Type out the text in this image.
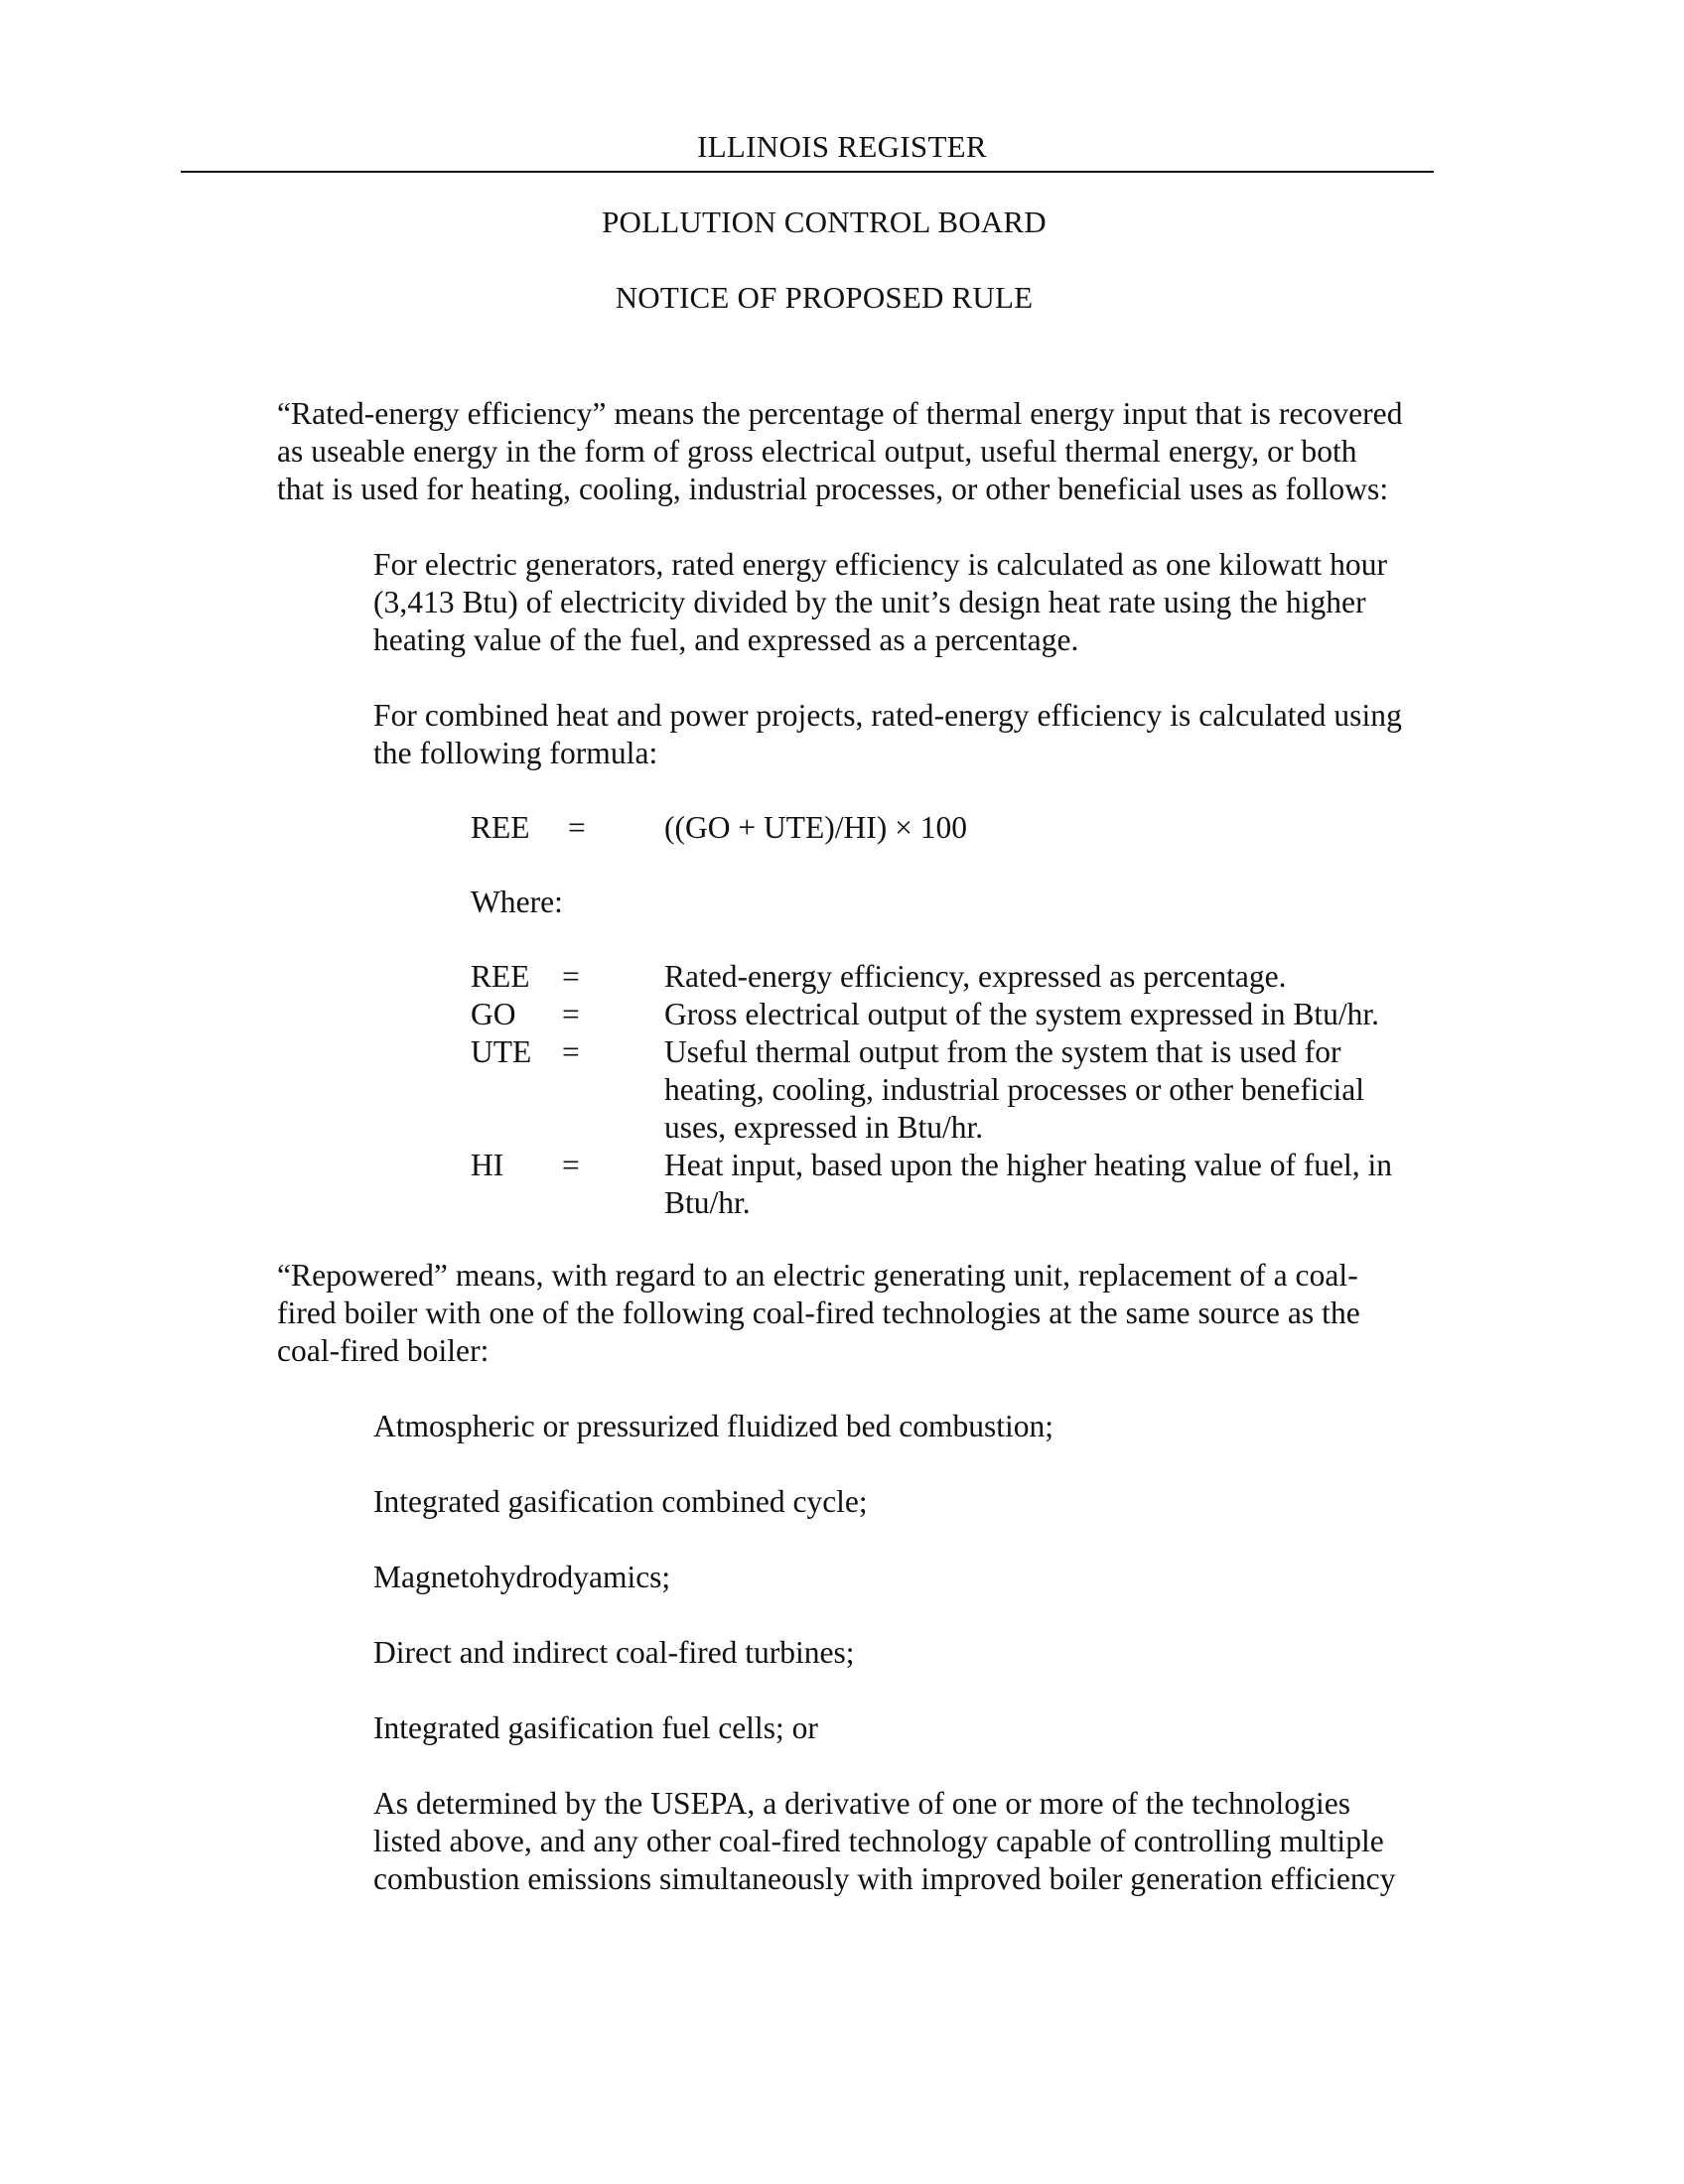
ILLINOIS REGISTER
POLLUTION CONTROL BOARD
NOTICE OF PROPOSED RULE
“Rated-energy efficiency” means the percentage of thermal energy input that is recovered
as useable energy in the form of gross electrical output, useful thermal energy, or both
that is used for heating, cooling, industrial processes, or other beneficial uses as follows:
For electric generators, rated energy efficiency is calculated as one kilowatt hour
(3,413 Btu) of electricity divided by the unit’s design heat rate using the higher
heating value of the fuel, and expressed as a percentage.
For combined heat and power projects, rated-energy efficiency is calculated using
the following formula:
REE =	((GO + UTE)/HI) × 100
Where:
REE =	Rated-energy efficiency, expressed as percentage.
GO =	Gross electrical output of the system expressed in Btu/hr.
UTE =	Useful thermal output from the system that is used for
heating, cooling, industrial processes or other beneficial
uses, expressed in Btu/hr.
HI =	Heat input, based upon the higher heating value of fuel, in
Btu/hr.
“Repowered” means, with regard to an electric generating unit, replacement of a coal-
fired boiler with one of the following coal-fired technologies at the same source as the
coal-fired boiler:
Atmospheric or pressurized fluidized bed combustion;
Integrated gasification combined cycle;
Magnetohydrodyamics;
Direct and indirect coal-fired turbines;
Integrated gasification fuel cells; or
As determined by the USEPA, a derivative of one or more of the technologies
listed above, and any other coal-fired technology capable of controlling multiple
combustion emissions simultaneously with improved boiler generation efficiency
